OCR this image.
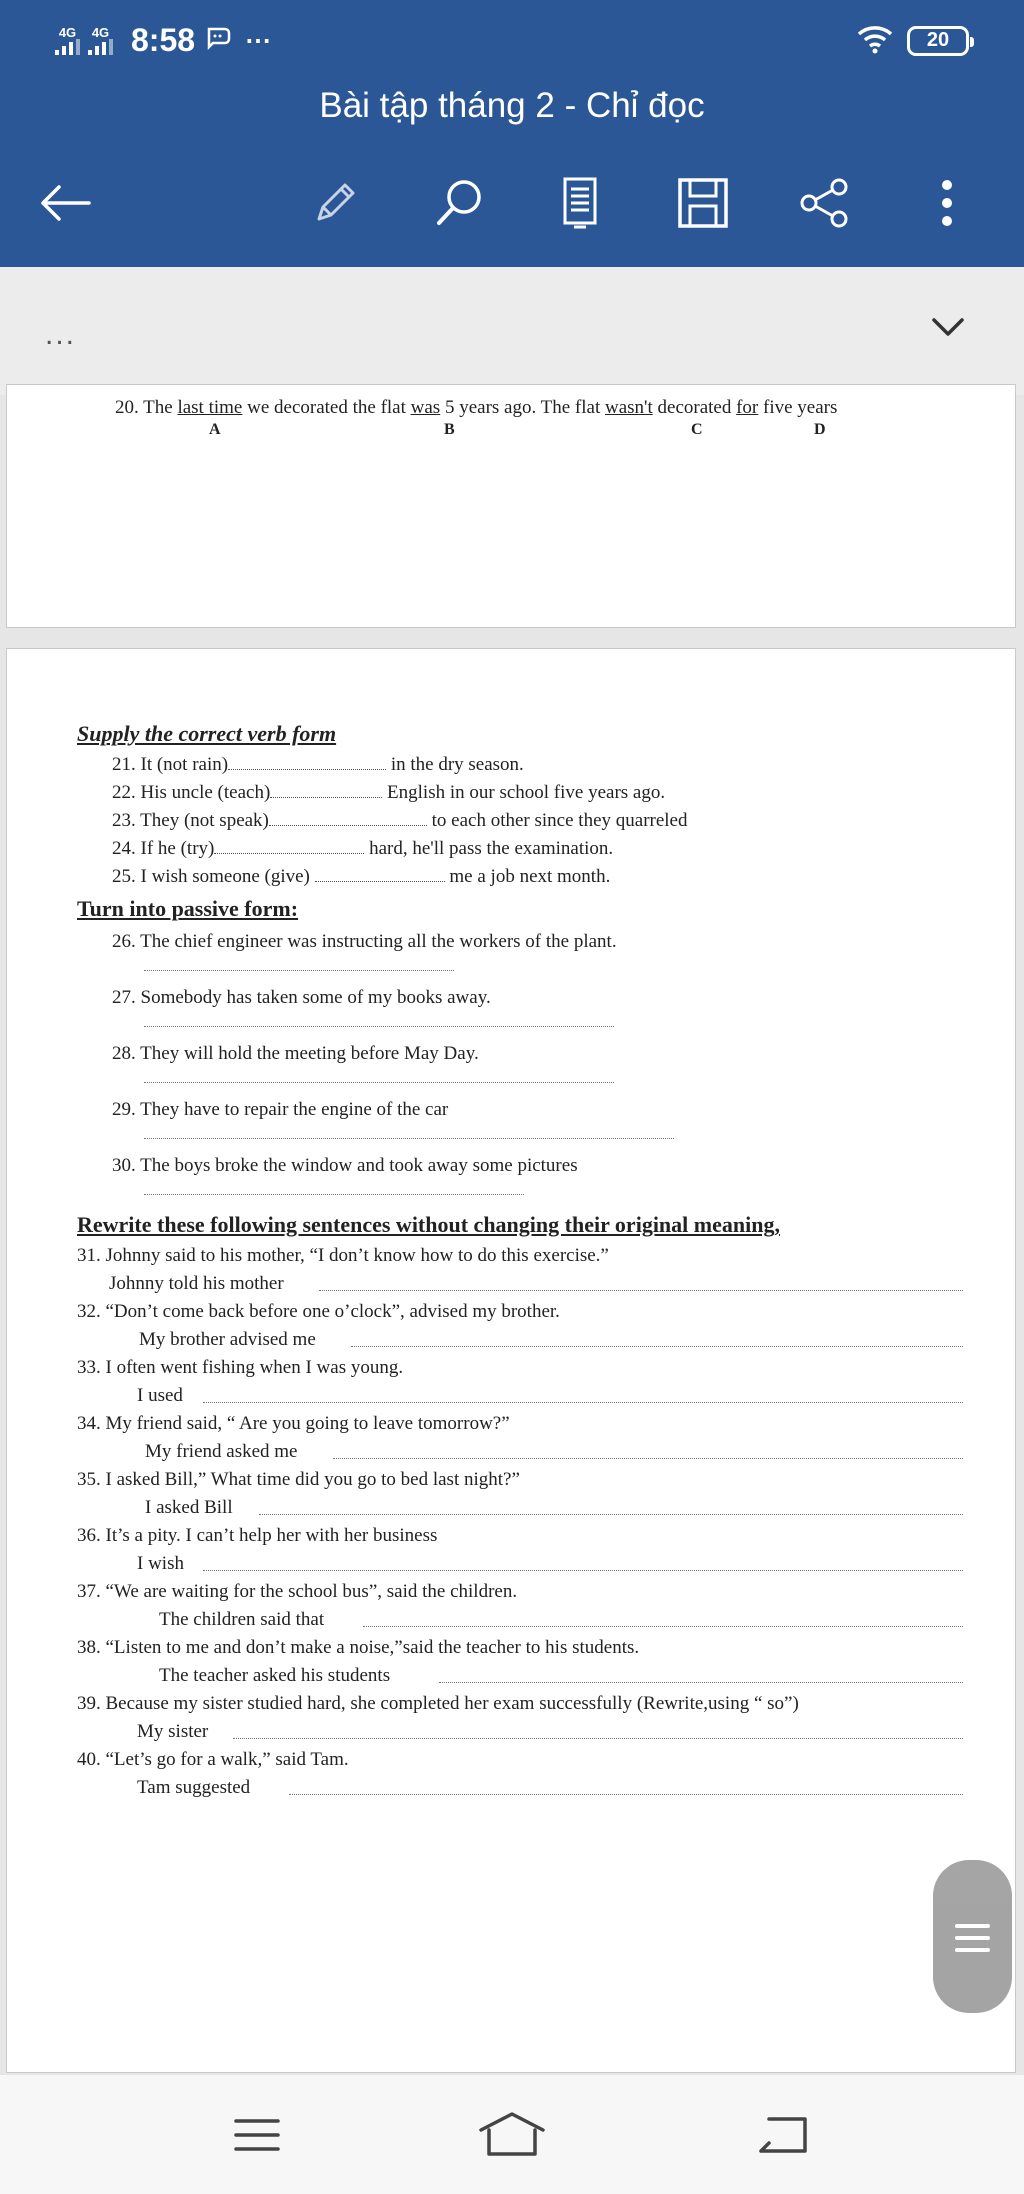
4G 4G 8:58 ⋯	20
Bài tập tháng 2 - Chỉ đọc
...
20. The last time we decorated the flat was 5 years ago. The flat wasn't decorated for five years
A	B	C	D
Supply the correct verb form
21. It (not rain)	in the dry season.
22. His uncle (teach)	English in our school five years ago.
23. They (not speak)	to each other since they quarreled
24. If he (try)	hard, he'll pass the examination.
25. I wish someone (give)	me a job next month.
Turn into passive form:
26. The chief engineer was instructing all the workers of the plant.
27. Somebody has taken some of my books away.
28. They will hold the meeting before May Day.
29. They have to repair the engine of the car
30. The boys broke the window and took away some pictures
Rewrite these following sentences without changing their original meaning,
31. Johnny said to his mother, “I don’t know how to do this exercise.”
Johnny told his mother
32. “Don’t come back before one o’clock”, advised my brother.
My brother advised me
33. I often went fishing when I was young.
I used
34. My friend said, “ Are you going to leave tomorrow?”
My friend asked me
35. I asked Bill,” What time did you go to bed last night?”
I asked Bill
36. It’s a pity. I can’t help her with her business
I wish
37. “We are waiting for the school bus”, said the children.
The children said that
38. “Listen to me and don’t make a noise,”said the teacher to his students.
The teacher asked his students
39. Because my sister studied hard, she completed her exam successfully (Rewrite,using “ so”)
My sister
40. “Let’s go for a walk,” said Tam.
Tam suggested
